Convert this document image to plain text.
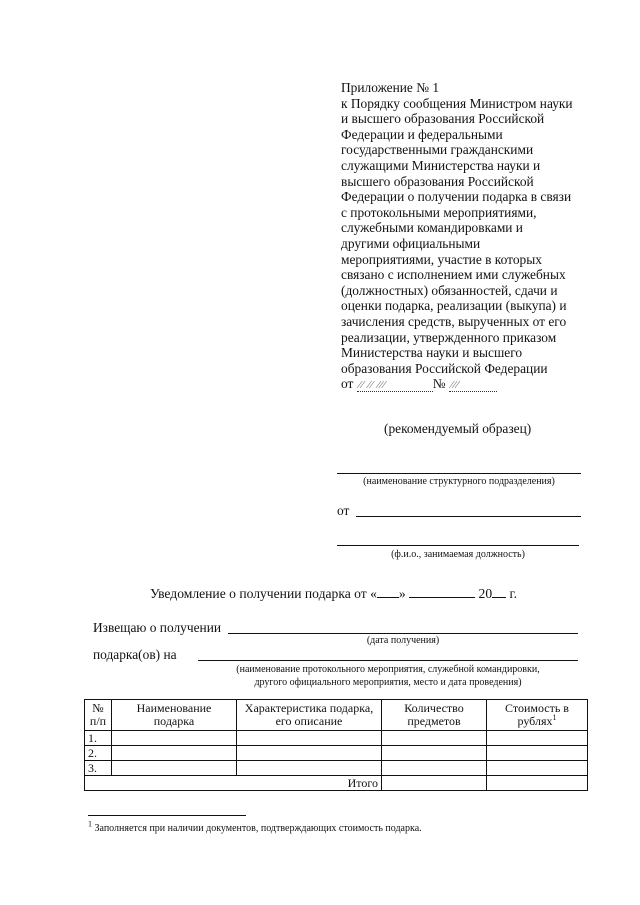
Приложение № 1

к Порядку сообщения Министром науки

и высшего образования Российской

Федерации и федеральными

государственными гражданскими

служащими Министерства науки и

высшего образования Российской

Федерации о получении подарка в связи

с протокольными мероприятиями,

служебными командировками и

другими официальными

мероприятиями, участие в которых

связано с исполнением ими служебных

(должностных) обязанностей, сдачи и

оценки подарка, реализации (выкупа) и

зачисления средств, вырученных от его

реализации, утвержденного приказом

Министерства науки и высшего

образования Российской Федерации

от ⁄⁄ ⁄⁄ ⁄⁄⁄	№ ⁄⁄⁄

(рекомендуемый образец)
(наименование структурного подразделения)
от
(ф.и.о., занимаемая должность)
Уведомление о получении подарка от « »	20 г.
Извещаю о получении
(дата получения)
подарка(ов) на
(наименование протокольного мероприятия, служебной командировки,
другого официального мероприятия, место и дата проведения)
№ п/п	Наименование подарка	Характеристика подарка, его описание	Количество предметов	Стоимость в рублях$^1$
1.				
2.				
3.				
Итого				
$^1$ Заполняется при наличии документов, подтверждающих стоимость подарка.
